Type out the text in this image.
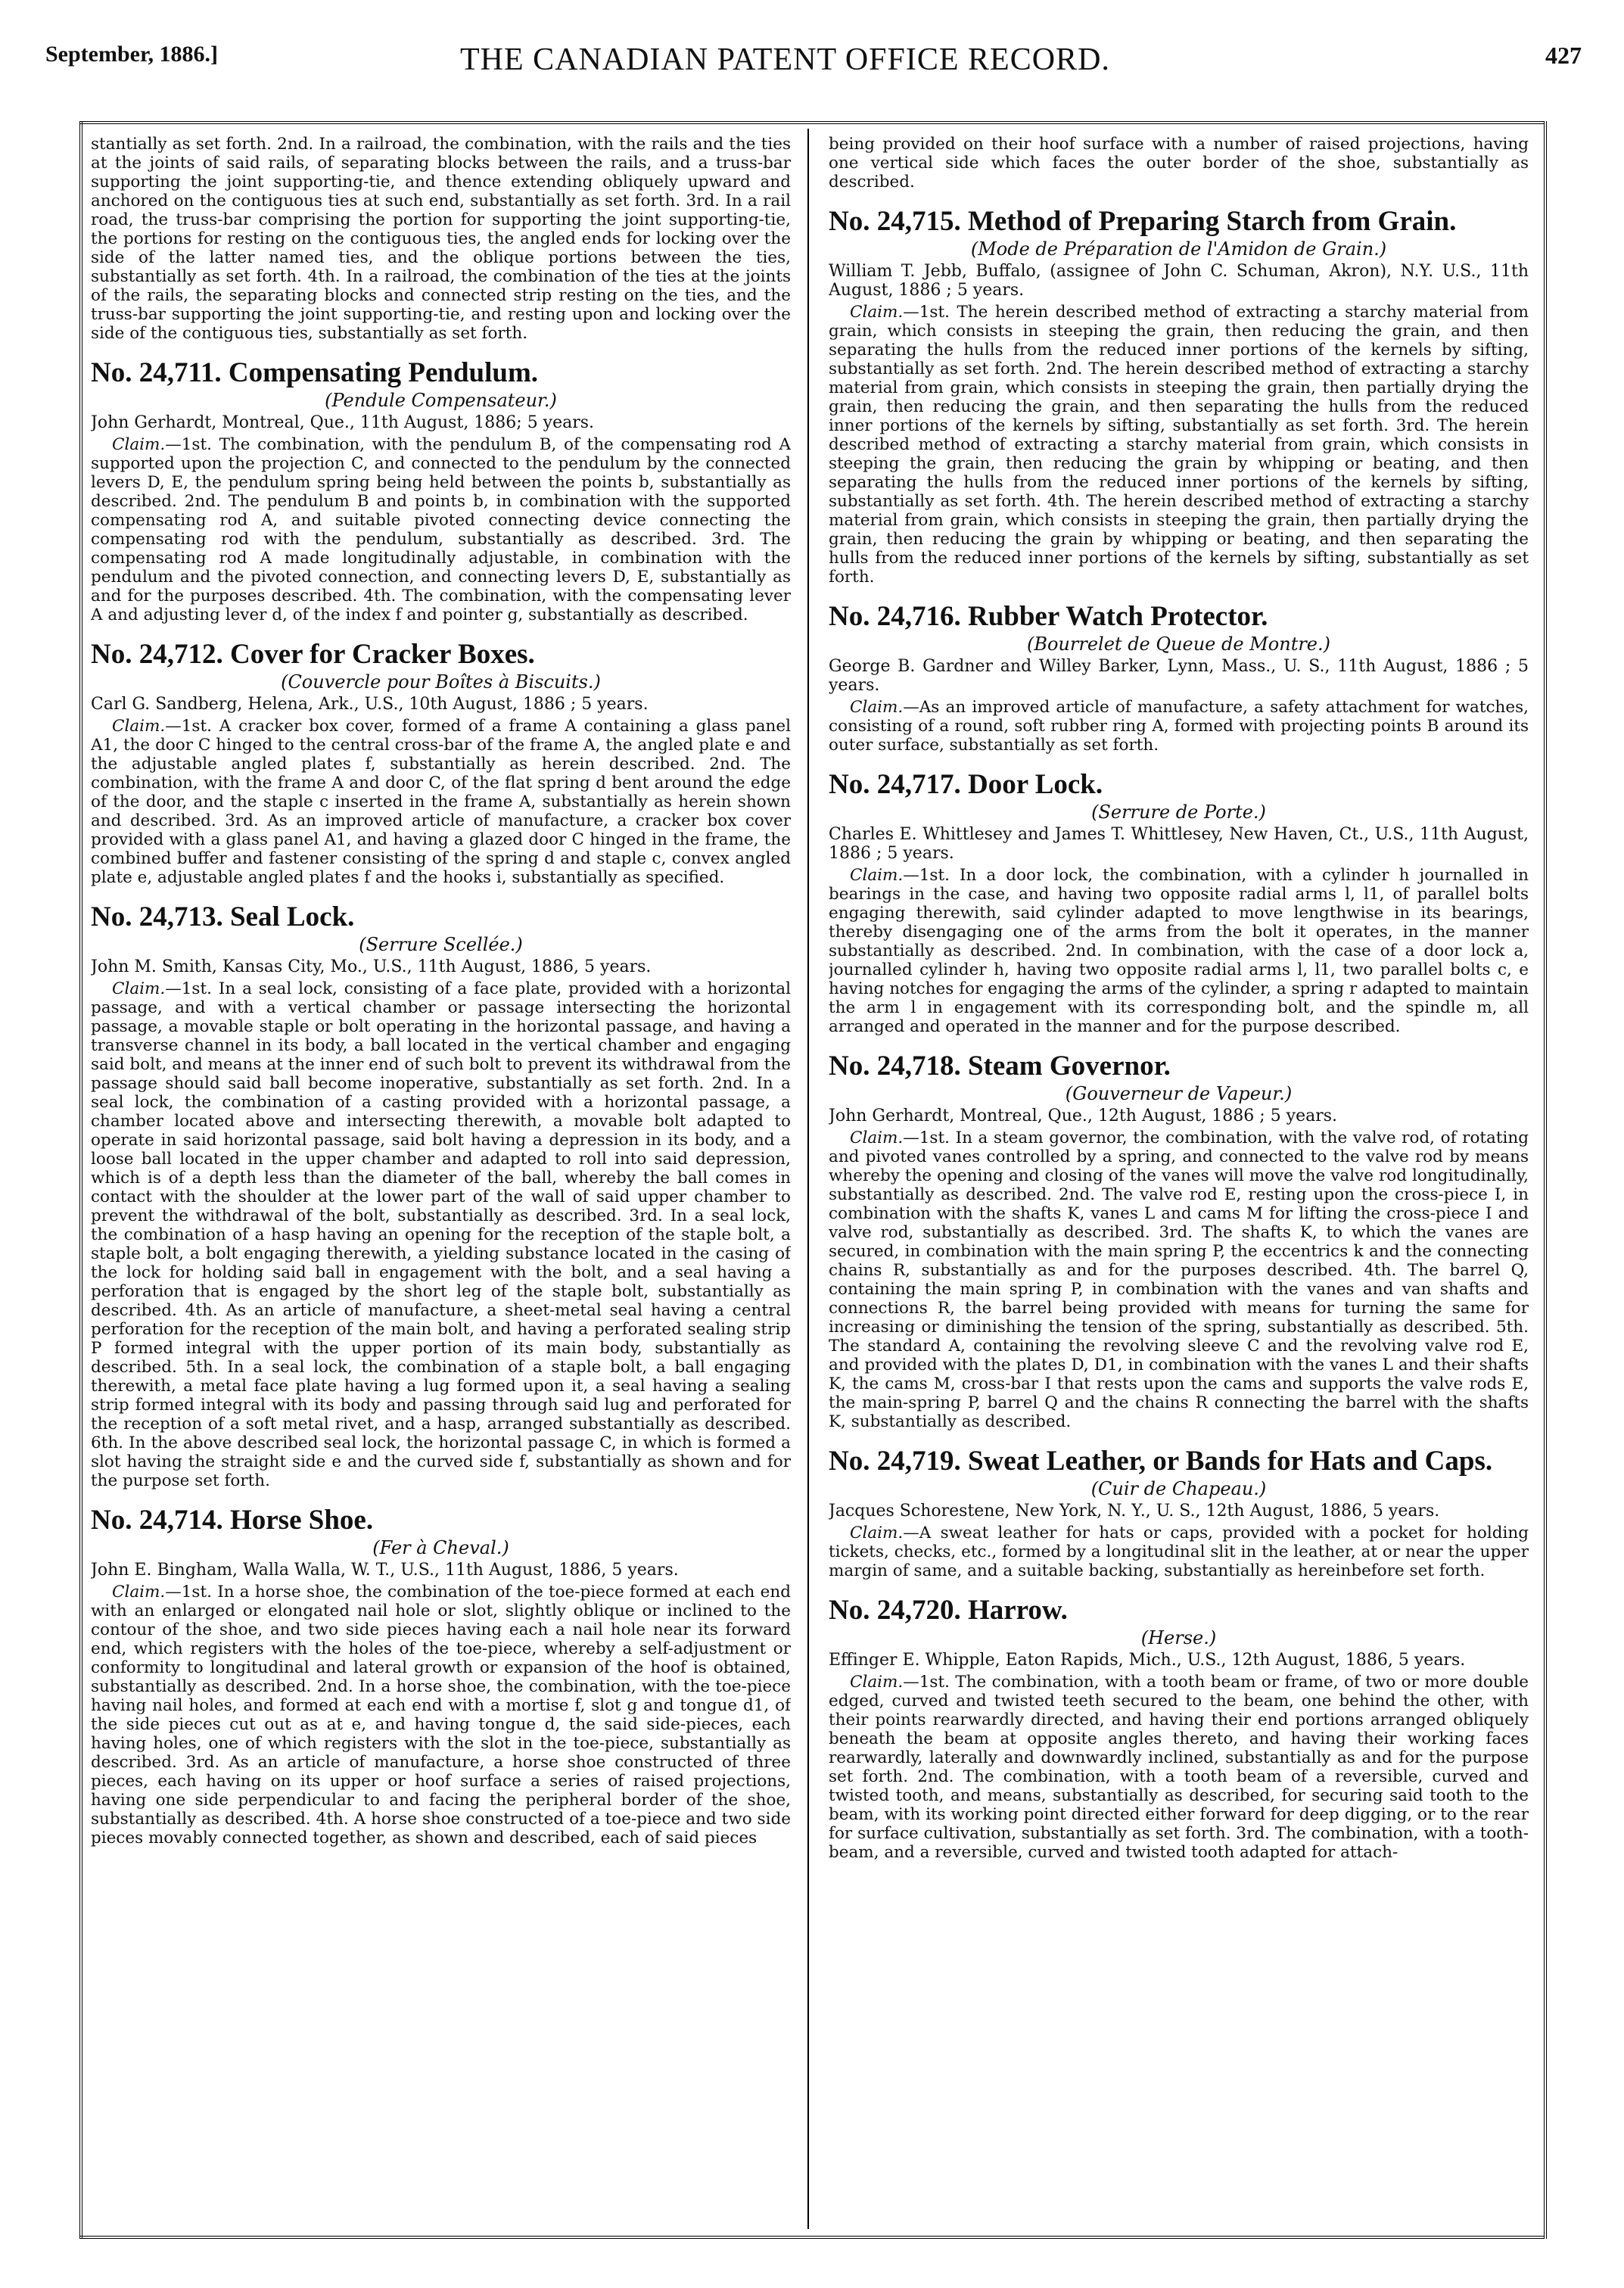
September, 1886.]	THE CANADIAN PATENT OFFICE RECORD.	427

stantially as set forth. 2nd. In a railroad, the combination, with the rails and the ties at the joints of said rails, of separating blocks between the rails, and a truss-bar supporting the joint supporting-tie, and thence extending obliquely upward and anchored on the contiguous ties at such end, substantially as set forth. 3rd. In a rail road, the truss-bar comprising the portion for supporting the joint supporting-tie, the portions for resting on the contiguous ties, the angled ends for locking over the side of the latter named ties, and the oblique portions between the ties, substantially as set forth. 4th. In a railroad, the combination of the ties at the joints of the rails, the separating blocks and connected strip resting on the ties, and the truss-bar supporting the joint supporting-tie, and resting upon and locking over the side of the contiguous ties, substantially as set forth.

No. 24,711. Compensating Pendulum.

(Pendule Compensateur.)

John Gerhardt, Montreal, Que., 11th August, 1886; 5 years.

Claim.—1st. The combination, with the pendulum B, of the compensating rod A supported upon the projection C, and connected to the pendulum by the connected levers D, E, the pendulum spring being held between the points b, substantially as described. 2nd. The pendulum B and points b, in combination with the supported compensating rod A, and suitable pivoted connecting device connecting the compensating rod with the pendulum, substantially as described. 3rd. The compensating rod A made longitudinally adjustable, in combination with the pendulum and the pivoted connection, and connecting levers D, E, substantially as and for the purposes described. 4th. The combination, with the compensating lever A and adjusting lever d, of the index f and pointer g, substantially as described.

No. 24,712. Cover for Cracker Boxes.

(Couvercle pour Boîtes à Biscuits.)

Carl G. Sandberg, Helena, Ark., U.S., 10th August, 1886 ; 5 years.

Claim.—1st. A cracker box cover, formed of a frame A containing a glass panel A1, the door C hinged to the central cross-bar of the frame A, the angled plate e and the adjustable angled plates f, substantially as herein described. 2nd. The combination, with the frame A and door C, of the flat spring d bent around the edge of the door, and the staple c inserted in the frame A, substantially as herein shown and described. 3rd. As an improved article of manufacture, a cracker box cover provided with a glass panel A1, and having a glazed door C hinged in the frame, the combined buffer and fastener consisting of the spring d and staple c, convex angled plate e, adjustable angled plates f and the hooks i, substantially as specified.

No. 24,713. Seal Lock.

(Serrure Scellée.)

John M. Smith, Kansas City, Mo., U.S., 11th August, 1886, 5 years.

Claim.—1st. In a seal lock, consisting of a face plate, provided with a horizontal passage, and with a vertical chamber or passage intersecting the horizontal passage, a movable staple or bolt operating in the horizontal passage, and having a transverse channel in its body, a ball located in the vertical chamber and engaging said bolt, and means at the inner end of such bolt to prevent its withdrawal from the passage should said ball become inoperative, substantially as set forth. 2nd. In a seal lock, the combination of a casting provided with a horizontal passage, a chamber located above and intersecting therewith, a movable bolt adapted to operate in said horizontal passage, said bolt having a depression in its body, and a loose ball located in the upper chamber and adapted to roll into said depression, which is of a depth less than the diameter of the ball, whereby the ball comes in contact with the shoulder at the lower part of the wall of said upper chamber to prevent the withdrawal of the bolt, substantially as described. 3rd. In a seal lock, the combination of a hasp having an opening for the reception of the staple bolt, a staple bolt, a bolt engaging therewith, a yielding substance located in the casing of the lock for holding said ball in engagement with the bolt, and a seal having a perforation that is engaged by the short leg of the staple bolt, substantially as described. 4th. As an article of manufacture, a sheet-metal seal having a central perforation for the reception of the main bolt, and having a perforated sealing strip P formed integral with the upper portion of its main body, substantially as described. 5th. In a seal lock, the combination of a staple bolt, a ball engaging therewith, a metal face plate having a lug formed upon it, a seal having a sealing strip formed integral with its body and passing through said lug and perforated for the reception of a soft metal rivet, and a hasp, arranged substantially as described. 6th. In the above described seal lock, the horizontal passage C, in which is formed a slot having the straight side e and the curved side f, substantially as shown and for the purpose set forth.

No. 24,714. Horse Shoe.

(Fer à Cheval.)

John E. Bingham, Walla Walla, W. T., U.S., 11th August, 1886, 5 years.

Claim.—1st. In a horse shoe, the combination of the toe-piece formed at each end with an enlarged or elongated nail hole or slot, slightly oblique or inclined to the contour of the shoe, and two side pieces having each a nail hole near its forward end, which registers with the holes of the toe-piece, whereby a self-adjustment or conformity to longitudinal and lateral growth or expansion of the hoof is obtained, substantially as described. 2nd. In a horse shoe, the combination, with the toe-piece having nail holes, and formed at each end with a mortise f, slot g and tongue d1, of the side pieces cut out as at e, and having tongue d, the said side-pieces, each having holes, one of which registers with the slot in the toe-piece, substantially as described. 3rd. As an article of manufacture, a horse shoe constructed of three pieces, each having on its upper or hoof surface a series of raised projections, having one side perpendicular to and facing the peripheral border of the shoe, substantially as described. 4th. A horse shoe constructed of a toe-piece and two side pieces movably connected together, as shown and described, each of said pieces

being provided on their hoof surface with a number of raised projections, having one vertical side which faces the outer border of the shoe, substantially as described.

No. 24,715. Method of Preparing Starch from Grain.

(Mode de Préparation de l'Amidon de Grain.)

William T. Jebb, Buffalo, (assignee of John C. Schuman, Akron), N.Y. U.S., 11th August, 1886 ; 5 years.

Claim.—1st. The herein described method of extracting a starchy material from grain, which consists in steeping the grain, then reducing the grain, and then separating the hulls from the reduced inner portions of the kernels by sifting, substantially as set forth. 2nd. The herein described method of extracting a starchy material from grain, which consists in steeping the grain, then partially drying the grain, then reducing the grain, and then separating the hulls from the reduced inner portions of the kernels by sifting, substantially as set forth. 3rd. The herein described method of extracting a starchy material from grain, which consists in steeping the grain, then reducing the grain by whipping or beating, and then separating the hulls from the reduced inner portions of the kernels by sifting, substantially as set forth. 4th. The herein described method of extracting a starchy material from grain, which consists in steeping the grain, then partially drying the grain, then reducing the grain by whipping or beating, and then separating the hulls from the reduced inner portions of the kernels by sifting, substantially as set forth.

No. 24,716. Rubber Watch Protector.

(Bourrelet de Queue de Montre.)

George B. Gardner and Willey Barker, Lynn, Mass., U. S., 11th August, 1886 ; 5 years.

Claim.—As an improved article of manufacture, a safety attachment for watches, consisting of a round, soft rubber ring A, formed with projecting points B around its outer surface, substantially as set forth.

No. 24,717. Door Lock.

(Serrure de Porte.)

Charles E. Whittlesey and James T. Whittlesey, New Haven, Ct., U.S., 11th August, 1886 ; 5 years.

Claim.—1st. In a door lock, the combination, with a cylinder h journalled in bearings in the case, and having two opposite radial arms l, l1, of parallel bolts engaging therewith, said cylinder adapted to move lengthwise in its bearings, thereby disengaging one of the arms from the bolt it operates, in the manner substantially as described. 2nd. In combination, with the case of a door lock a, journalled cylinder h, having two opposite radial arms l, l1, two parallel bolts c, e having notches for engaging the arms of the cylinder, a spring r adapted to maintain the arm l in engagement with its corresponding bolt, and the spindle m, all arranged and operated in the manner and for the purpose described.

No. 24,718. Steam Governor.

(Gouverneur de Vapeur.)

John Gerhardt, Montreal, Que., 12th August, 1886 ; 5 years.

Claim.—1st. In a steam governor, the combination, with the valve rod, of rotating and pivoted vanes controlled by a spring, and connected to the valve rod by means whereby the opening and closing of the vanes will move the valve rod longitudinally, substantially as described. 2nd. The valve rod E, resting upon the cross-piece I, in combination with the shafts K, vanes L and cams M for lifting the cross-piece I and valve rod, substantially as described. 3rd. The shafts K, to which the vanes are secured, in combination with the main spring P, the eccentrics k and the connecting chains R, substantially as and for the purposes described. 4th. The barrel Q, containing the main spring P, in combination with the vanes and van shafts and connections R, the barrel being provided with means for turning the same for increasing or diminishing the tension of the spring, substantially as described. 5th. The standard A, containing the revolving sleeve C and the revolving valve rod E, and provided with the plates D, D1, in combination with the vanes L and their shafts K, the cams M, cross-bar I that rests upon the cams and supports the valve rods E, the main-spring P, barrel Q and the chains R connecting the barrel with the shafts K, substantially as described.

No. 24,719. Sweat Leather, or Bands for Hats and Caps.

(Cuir de Chapeau.)

Jacques Schorestene, New York, N. Y., U. S., 12th August, 1886, 5 years.

Claim.—A sweat leather for hats or caps, provided with a pocket for holding tickets, checks, etc., formed by a longitudinal slit in the leather, at or near the upper margin of same, and a suitable backing, substantially as hereinbefore set forth.

No. 24,720. Harrow.

(Herse.)

Effinger E. Whipple, Eaton Rapids, Mich., U.S., 12th August, 1886, 5 years.

Claim.—1st. The combination, with a tooth beam or frame, of two or more double edged, curved and twisted teeth secured to the beam, one behind the other, with their points rearwardly directed, and having their end portions arranged obliquely beneath the beam at opposite angles thereto, and having their working faces rearwardly, laterally and downwardly inclined, substantially as and for the purpose set forth. 2nd. The combination, with a tooth beam of a reversible, curved and twisted tooth, and means, substantially as described, for securing said tooth to the beam, with its working point directed either forward for deep digging, or to the rear for surface cultivation, substantially as set forth. 3rd. The combination, with a tooth-beam, and a reversible, curved and twisted tooth adapted for attach-
